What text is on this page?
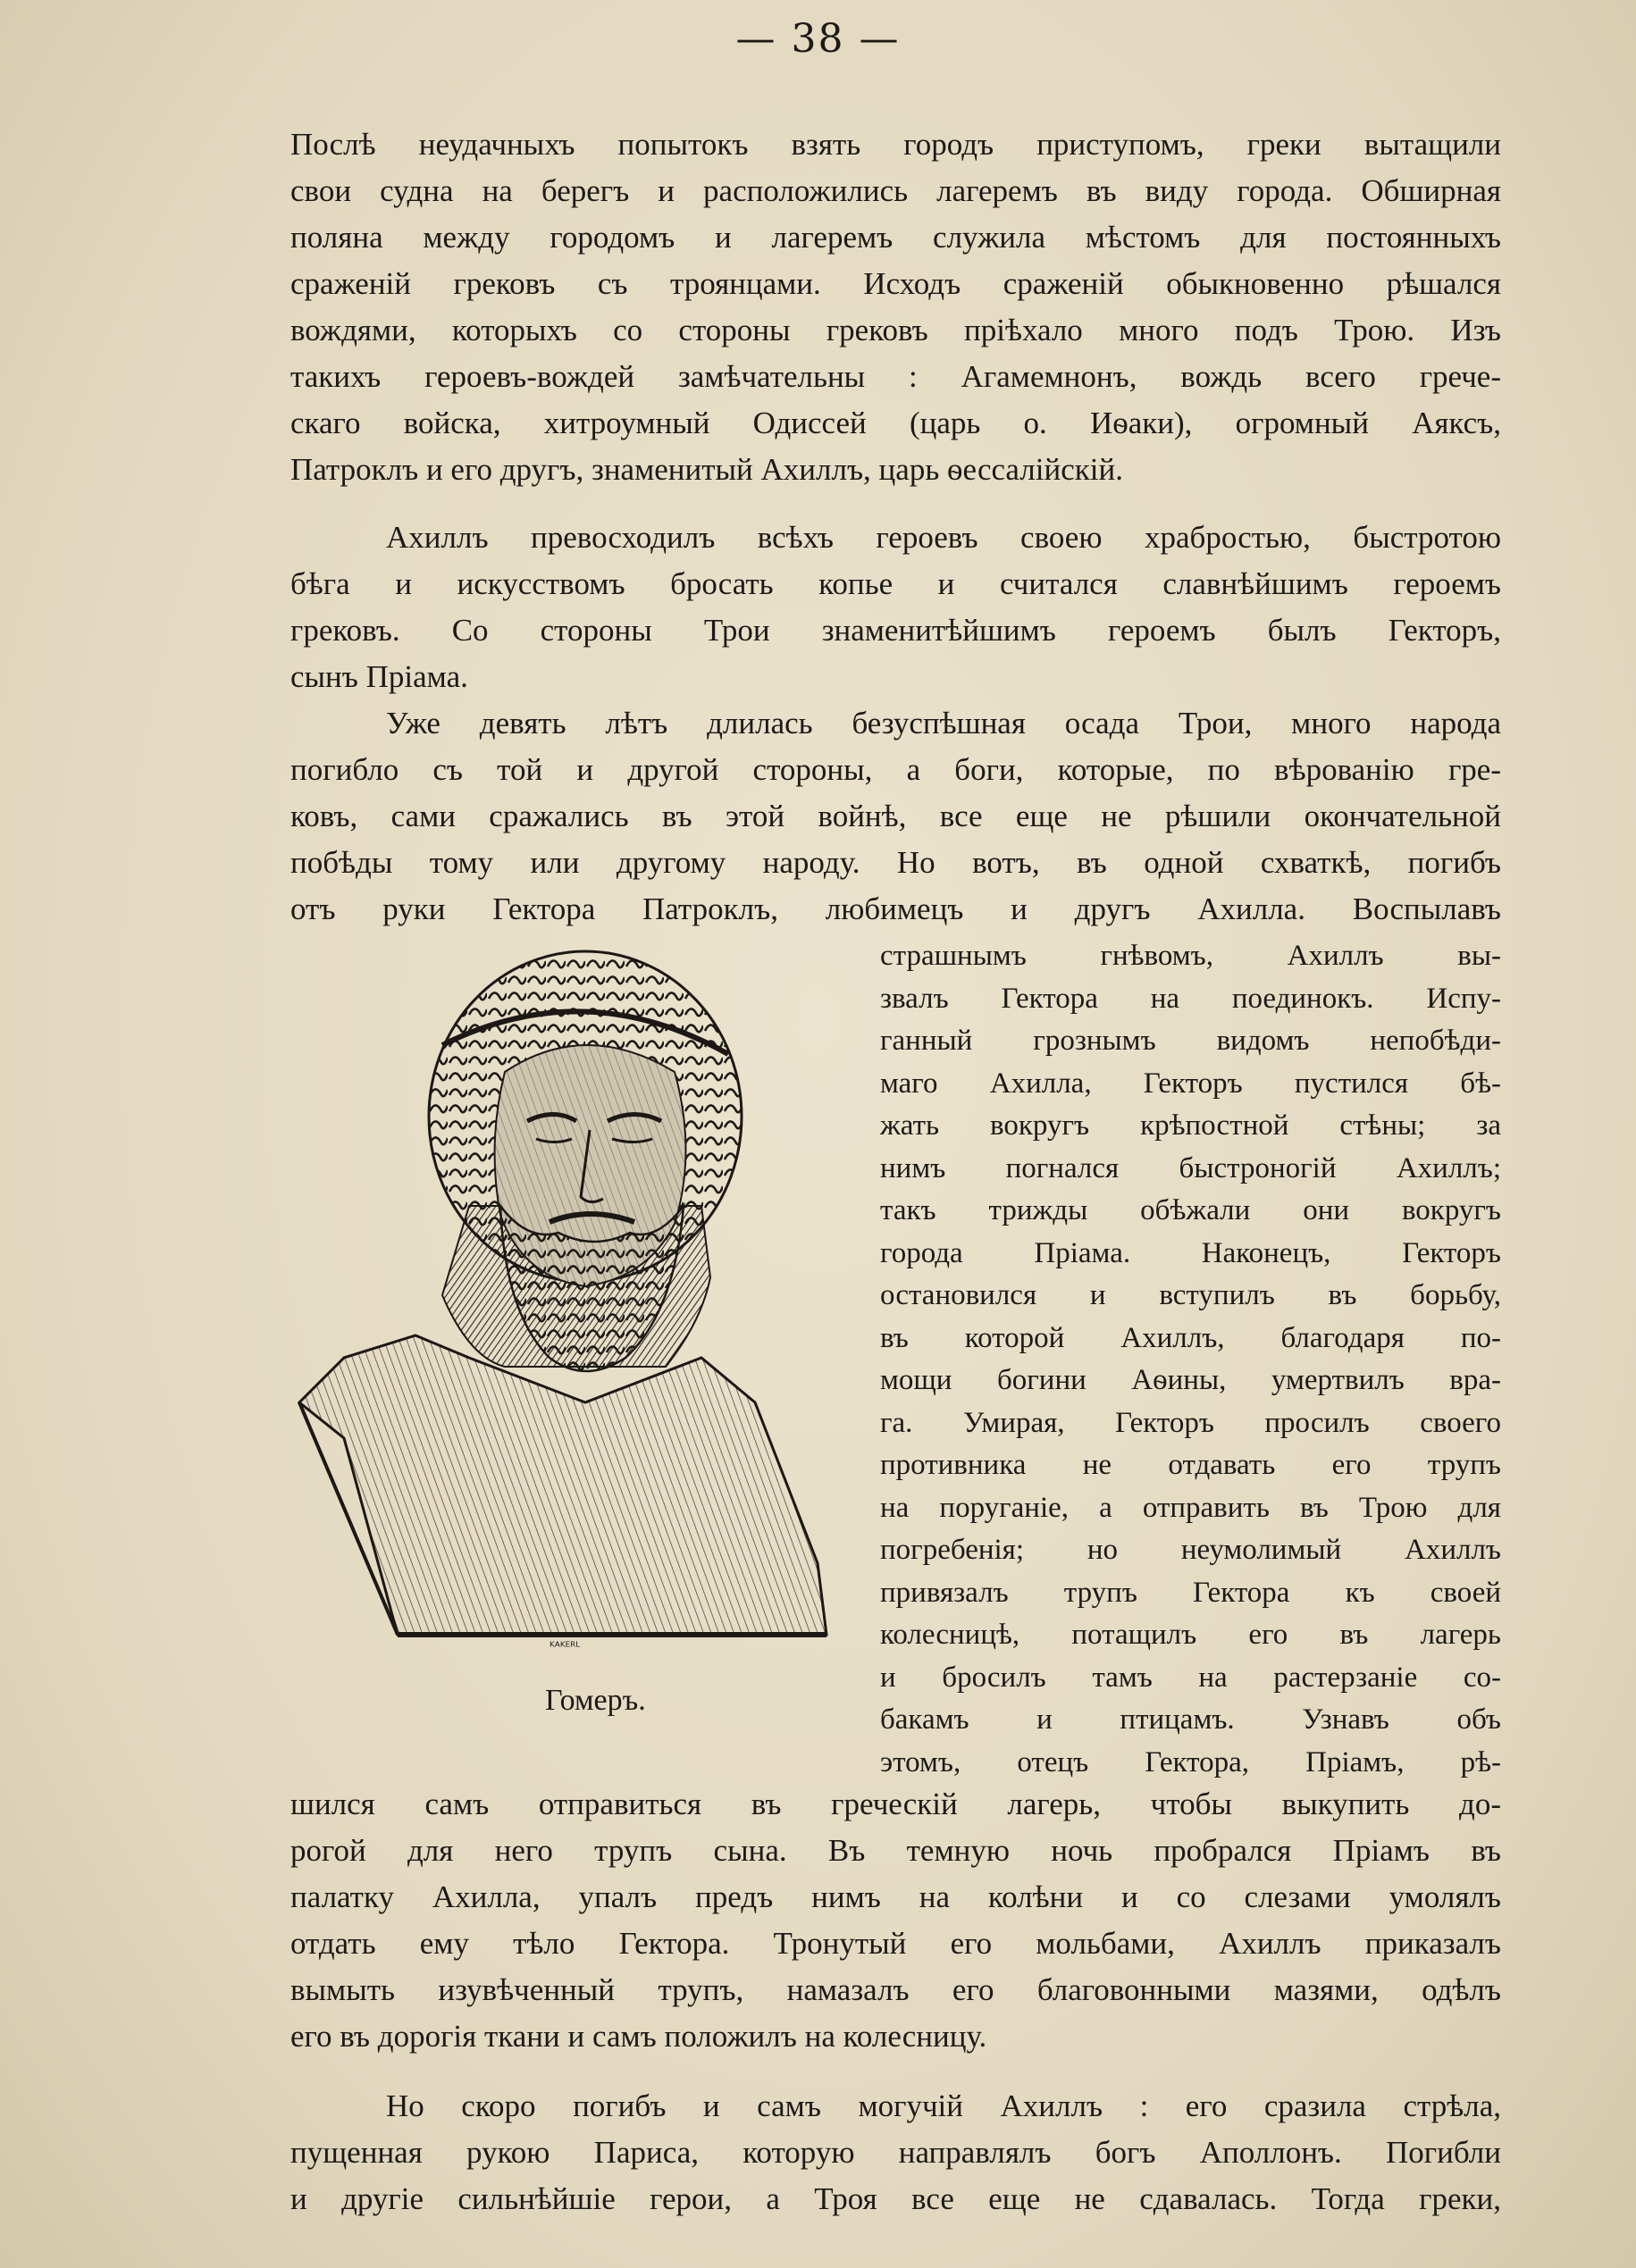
— 38 —
Послѣ неудачныхъ попытокъ взять городъ приступомъ, греки вытащили
свои судна на берегъ и расположились лагеремъ въ виду города. Обширная
поляна между городомъ и лагеремъ служила мѣстомъ для постоянныхъ
сраженій грековъ съ троянцами. Исходъ сраженій обыкновенно рѣшался
вождями, которыхъ со стороны грековъ пріѣхало много подъ Трою. Изъ
такихъ героевъ-вождей замѣчательны : Агамемнонъ, вождь всего грече-
скаго войска, хитроумный Одиссей (царь о. Иѳаки), огромный Аяксъ,
Патроклъ и его другъ, знаменитый Ахиллъ, царь ѳессалійскій.
Ахиллъ превосходилъ всѣхъ героевъ своею храбростью, быстротою
бѣга и искусствомъ бросать копье и считался славнѣйшимъ героемъ
грековъ. Со стороны Трои знаменитѣйшимъ героемъ былъ Гекторъ,
сынъ Пріама.
Уже девять лѣтъ длилась безуспѣшная осада Трои, много народа
погибло съ той и другой стороны, а боги, которые, по вѣрованію гре-
ковъ, сами сражались въ этой войнѣ, все еще не рѣшили окончательной
побѣды тому или другому народу. Но вотъ, въ одной схваткѣ, погибъ
отъ руки Гектора Патроклъ, любимецъ и другъ Ахилла. Воспылавъ
страшнымъ гнѣвомъ, Ахиллъ вы-
звалъ Гектора на поединокъ. Испу-
ганный грознымъ видомъ непобѣди-
маго Ахилла, Гекторъ пустился бѣ-
жать вокругъ крѣпостной стѣны; за
нимъ погнался быстроногій Ахиллъ;
такъ трижды обѣжали они вокругъ
города Пріама. Наконецъ, Гекторъ
остановился и вступилъ въ борьбу,
въ которой Ахиллъ, благодаря по-
мощи богини Аѳины, умертвилъ вра-
га. Умирая, Гекторъ просилъ своего
противника не отдавать его трупъ
на поруганіе, а отправить въ Трою для
погребенія; но неумолимый Ахиллъ
привязалъ трупъ Гектора къ своей
колесницѣ, потащилъ его въ лагерь
и бросилъ тамъ на растерзаніе со-
бакамъ и птицамъ. Узнавъ объ
этомъ, отецъ Гектора, Пріамъ, рѣ-
шился самъ отправиться въ греческій лагерь, чтобы выкупить до-
рогой для него трупъ сына. Въ темную ночь пробрался Пріамъ въ
палатку Ахилла, упалъ предъ нимъ на колѣни и со слезами умолялъ
отдать ему тѣло Гектора. Тронутый его мольбами, Ахиллъ приказалъ
вымыть изувѣченный трупъ, намазалъ его благовонными мазями, одѣлъ
его въ дорогія ткани и самъ положилъ на колесницу.
Но скоро погибъ и самъ могучій Ахиллъ : его сразила стрѣла,
пущенная рукою Париса, которую направлялъ богъ Аполлонъ. Погибли
и другіе сильнѣйшіе герои, а Троя все еще не сдавалась. Тогда греки,
ᴷᴬᴷᴱᴿᴸ
Гомеръ.
